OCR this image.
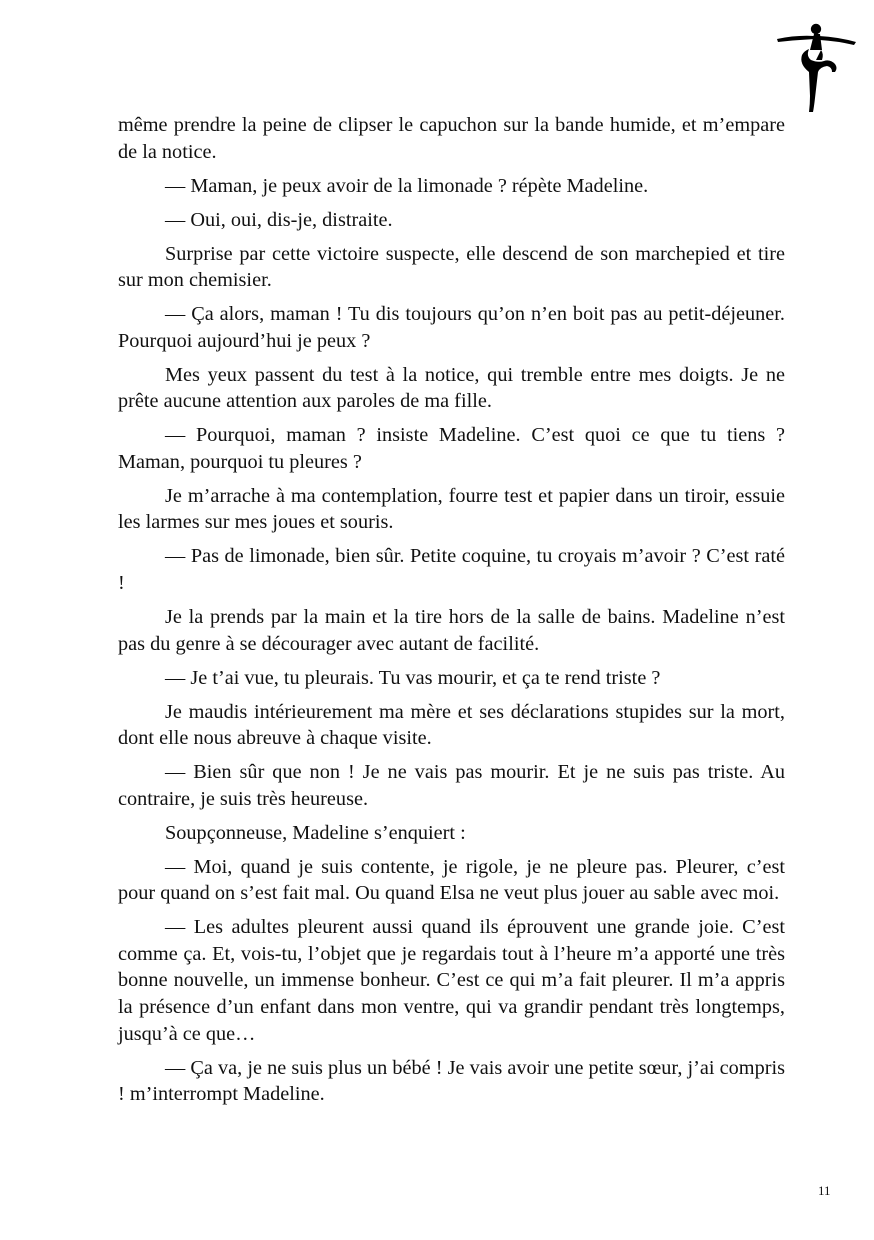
même prendre la peine de clipser le capuchon sur la bande humide, et m’empare de la notice.

— Maman, je peux avoir de la limonade ? répète Madeline.

— Oui, oui, dis-je, distraite.

Surprise par cette victoire suspecte, elle descend de son marchepied et tire sur mon chemisier.

— Ça alors, maman ! Tu dis toujours qu’on n’en boit pas au petit-déjeuner. Pourquoi aujourd’hui je peux ?

Mes yeux passent du test à la notice, qui tremble entre mes doigts. Je ne prête aucune attention aux paroles de ma fille.

— Pourquoi, maman ? insiste Madeline. C’est quoi ce que tu tiens ? Maman, pourquoi tu pleures ?

Je m’arrache à ma contemplation, fourre test et papier dans un tiroir, essuie les larmes sur mes joues et souris.

— Pas de limonade, bien sûr. Petite coquine, tu croyais m’avoir ? C’est raté !

Je la prends par la main et la tire hors de la salle de bains. Madeline n’est pas du genre à se décourager avec autant de facilité.

— Je t’ai vue, tu pleurais. Tu vas mourir, et ça te rend triste ?

Je maudis intérieurement ma mère et ses déclarations stupides sur la mort, dont elle nous abreuve à chaque visite.

— Bien sûr que non ! Je ne vais pas mourir. Et je ne suis pas triste. Au contraire, je suis très heureuse.

Soupçonneuse, Madeline s’enquiert :

— Moi, quand je suis contente, je rigole, je ne pleure pas. Pleurer, c’est pour quand on s’est fait mal. Ou quand Elsa ne veut plus jouer au sable avec moi.

— Les adultes pleurent aussi quand ils éprouvent une grande joie. C’est comme ça. Et, vois-tu, l’objet que je regardais tout à l’heure m’a apporté une très bonne nouvelle, un immense bonheur. C’est ce qui m’a fait pleurer. Il m’a appris la présence d’un enfant dans mon ventre, qui va grandir pendant très longtemps, jusqu’à ce que…

— Ça va, je ne suis plus un bébé ! Je vais avoir une petite sœur, j’ai compris ! m’interrompt Madeline.

11
